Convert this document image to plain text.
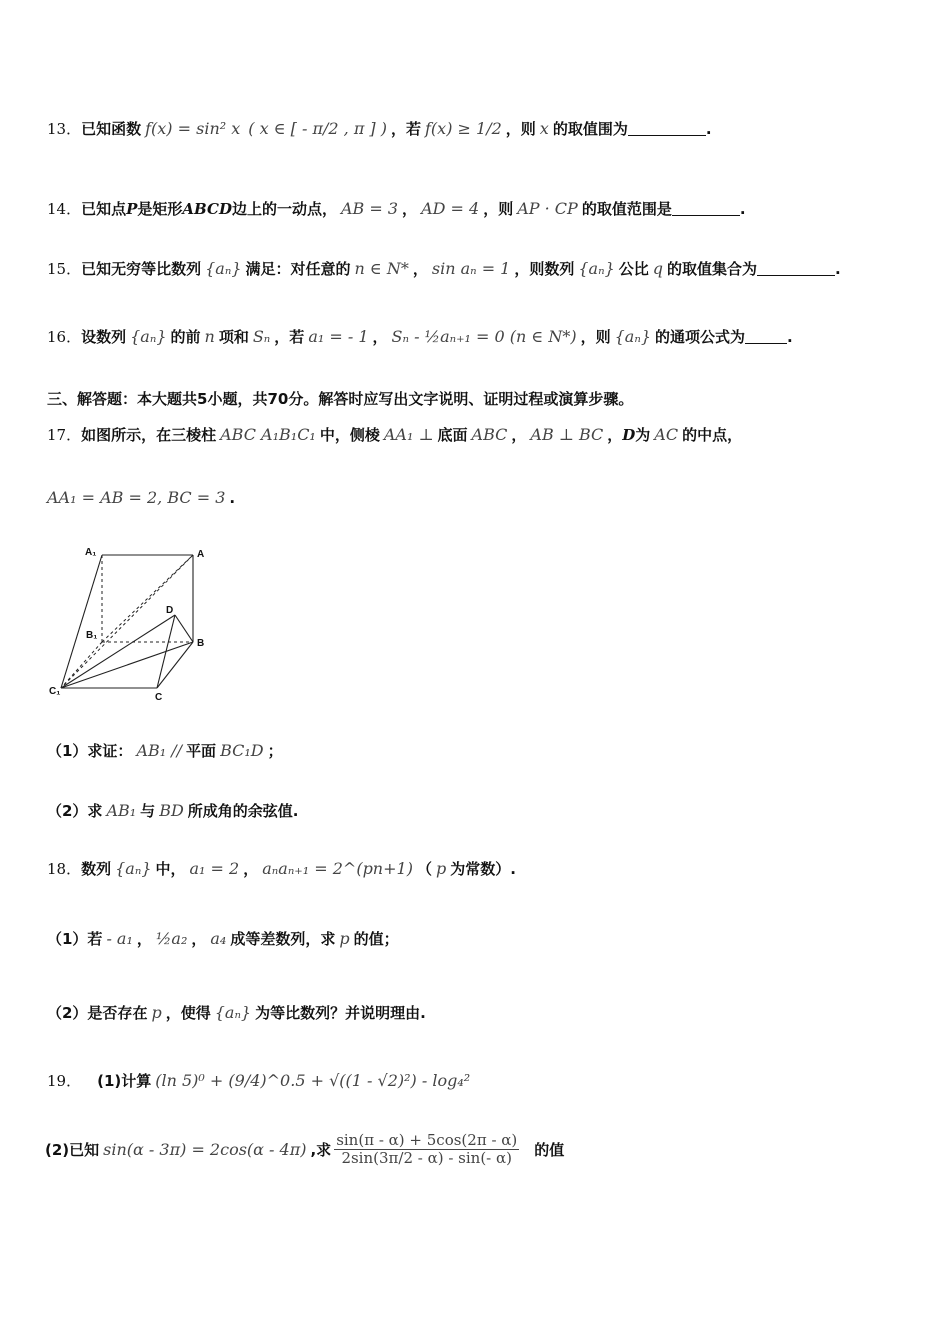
13． 已知函数 f(x) = sin² x ( x ∈ [ - π/2 , π ] ) ，若 f(x) ≥ 1/2 ，则 x 的取值围为	.
14． 已知点 P 是矩形 ABCD 边上的一动点， AB = 3 ， AD = 4 ，则 AP · CP 的取值范围是	.
15． 已知无穷等比数列 {aₙ} 满足：对任意的 n ∈ N* ， sin aₙ = 1 ，则数列 {aₙ} 公比 q 的取值集合为	.
16． 设数列 {aₙ} 的前 n 项和 Sₙ ，若 a₁ = - 1 ， Sₙ - ½aₙ₊₁ = 0 (n ∈ N*) ，则 {aₙ} 的通项公式为	.
三、解答题：本大题共5小题，共70分。解答时应写出文字说明、证明过程或演算步骤。
17． 如图所示，在三棱柱 ABC A₁B₁C₁ 中，侧棱 AA₁ ⊥ 底面 ABC ， AB ⊥ BC ， D 为 AC 的中点，
AA₁ = AB = 2, BC = 3 .
A₁	A
B₁
B
D
C₁
C
（1）求证： AB₁ // 平面 BC₁D ；
（2）求 AB₁ 与 BD 所成角的余弦值.
18． 数列 {aₙ} 中， a₁ = 2 ， aₙaₙ₊₁ = 2^(pn+1) （ p 为常数）.
（1）若 - a₁ ， ½a₂ ， a₄ 成等差数列，求 p 的值；
（2）是否存在 p ，使得 {aₙ} 为等比数列？并说明理由.
19． (1)计算 (ln 5)⁰ + (9/4)^0.5 + √((1 - √2)²) - log₄²
(2)已知 sin(α - 3π) = 2cos(α - 4π) ,求 $\frac{\sin(\pi - \alpha) + 5\cos(2\pi - \alpha)}{2\sin(3\pi/2 - \alpha) - \sin(- \alpha)}$ 的值
